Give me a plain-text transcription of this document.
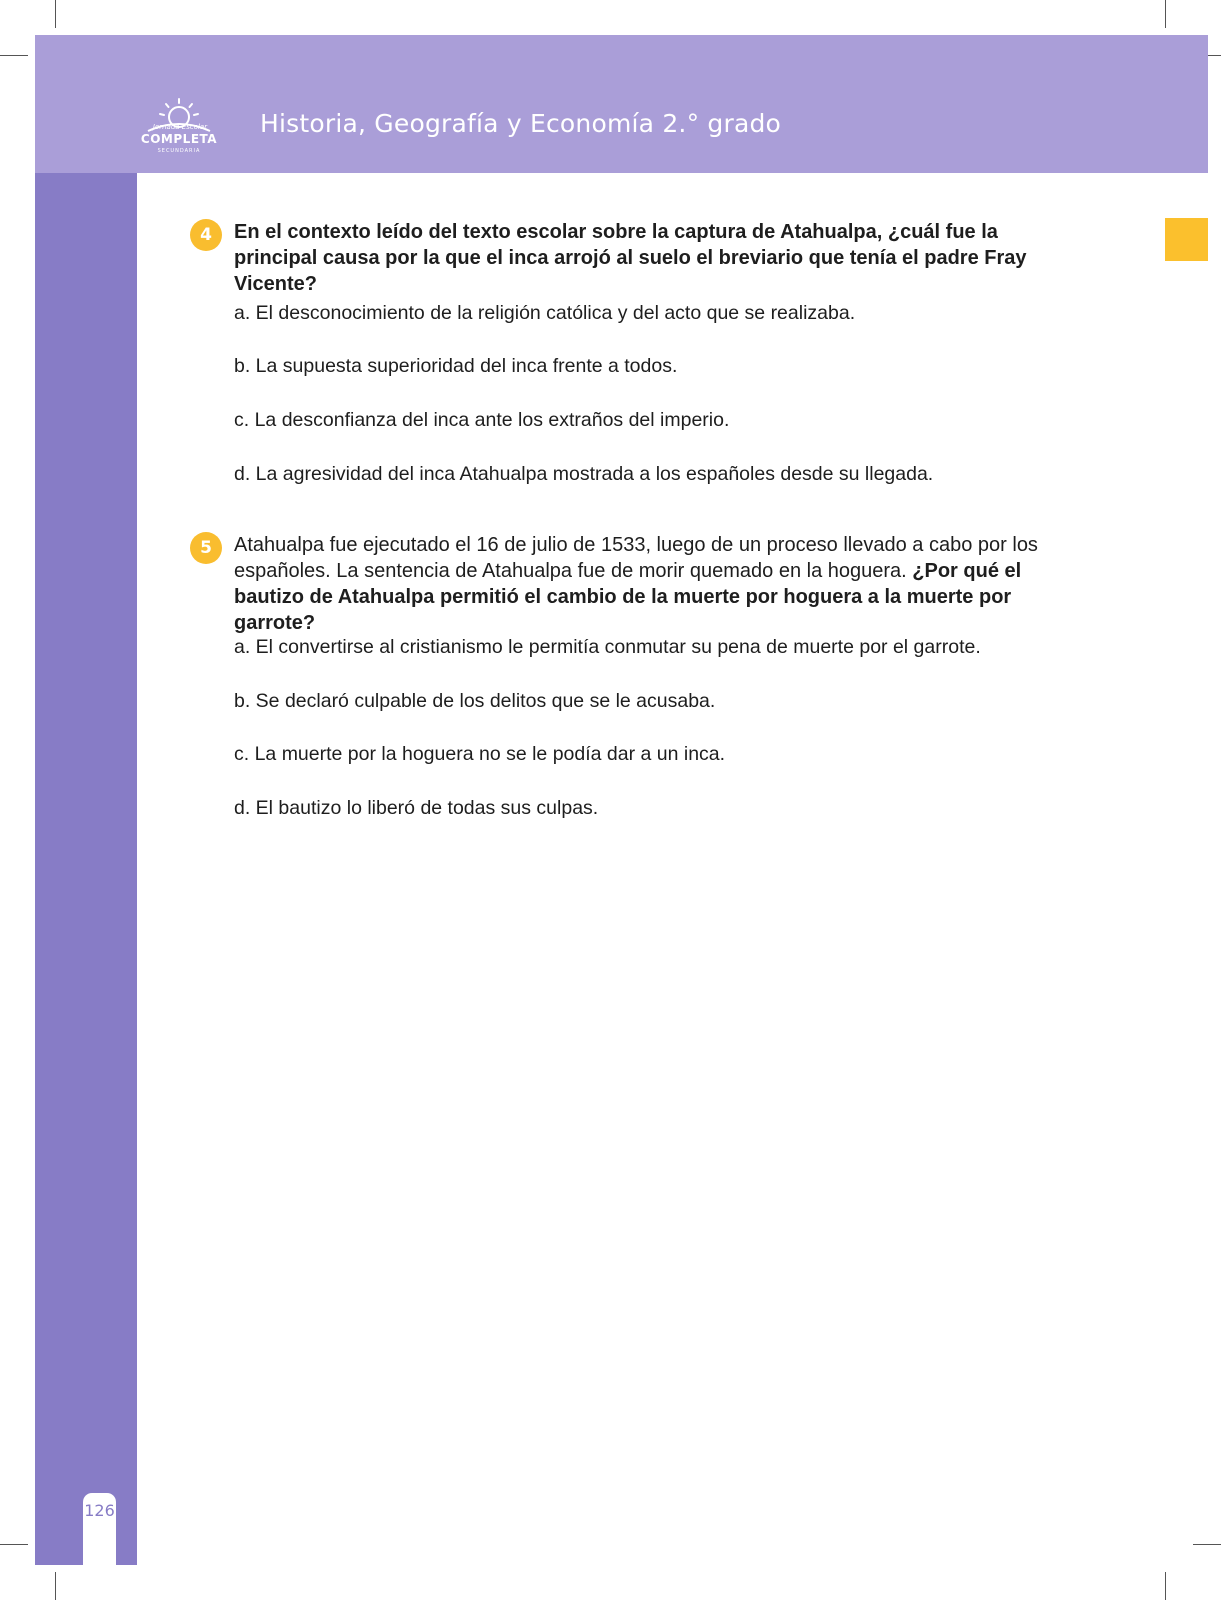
Jornada Escolar
COMPLETA
SECUNDARIA
Historia, Geografía y Economía 2.° grado
126
4	En el contexto leído del texto escolar sobre la captura de Atahualpa, ¿cuál fue la principal causa por la que el inca arrojó al suelo el breviario que tenía el padre Fray Vicente?
a. El desconocimiento de la religión católica y del acto que se realizaba.
b. La supuesta superioridad del inca frente a todos.
c. La desconfianza del inca ante los extraños del imperio.
d. La agresividad del inca Atahualpa mostrada a los españoles desde su llegada.
5	Atahualpa fue ejecutado el 16 de julio de 1533, luego de un proceso llevado a cabo por los españoles. La sentencia de Atahualpa fue de morir quemado en la hoguera. ¿Por qué el bautizo de Atahualpa permitió el cambio de la muerte por hoguera a la muerte por garrote?
a. El convertirse al cristianismo le permitía conmutar su pena de muerte por el garrote.
b. Se declaró culpable de los delitos que se le acusaba.
c. La muerte por la hoguera no se le podía dar a un inca.
d. El bautizo lo liberó de todas sus culpas.
